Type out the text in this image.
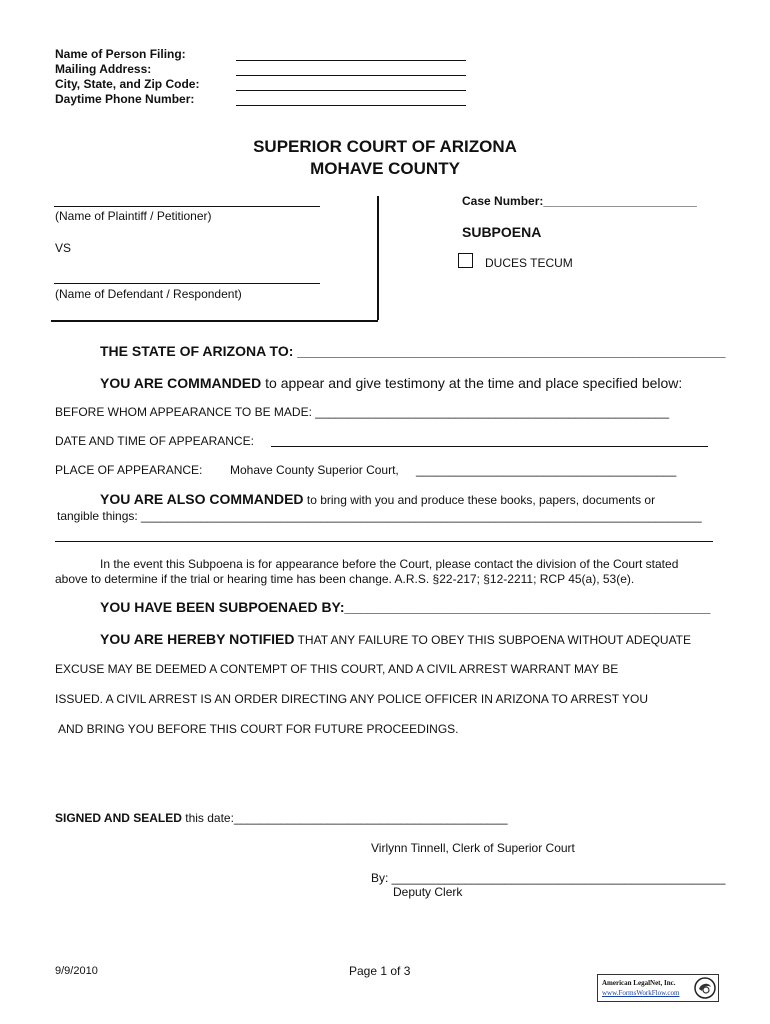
Name of Person Filing:
Mailing Address:
City, State, and Zip Code:
Daytime Phone Number:
SUPERIOR COURT OF ARIZONA
MOHAVE COUNTY
(Name of Plaintiff / Petitioner)
VS
(Name of Defendant / Respondent)
Case Number:_______________________
SUBPOENA
DUCES TECUM
THE STATE OF ARIZONA TO: _______________________________________________________
YOU ARE COMMANDED to appear and give testimony at the time and place specified below:
BEFORE WHOM APPEARANCE TO BE MADE: _____________________________________________________
DATE AND TIME OF APPEARANCE:
PLACE OF APPEARANCE: Mohave County Superior Court, _______________________________________
YOU ARE ALSO COMMANDED to bring with you and produce these books, papers, documents or
tangible things: ____________________________________________________________________________________
In the event this Subpoena is for appearance before the Court, please contact the division of the Court stated
above to determine if the trial or hearing time has been change. A.R.S. §22-217; §12-2211; RCP 45(a), 53(e).
YOU HAVE BEEN SUBPOENAED BY:_______________________________________________
YOU ARE HEREBY NOTIFIED THAT ANY FAILURE TO OBEY THIS SUBPOENA WITHOUT ADEQUATE
EXCUSE MAY BE DEEMED A CONTEMPT OF THIS COURT, AND A CIVIL ARREST WARRANT MAY BE
ISSUED. A CIVIL ARREST IS AN ORDER DIRECTING ANY POLICE OFFICER IN ARIZONA TO ARREST YOU
AND BRING YOU BEFORE THIS COURT FOR FUTURE PROCEEDINGS.
SIGNED AND SEALED this date:_________________________________________
Virlynn Tinnell, Clerk of Superior Court
By: __________________________________________________
Deputy Clerk
9/9/2010	Page 1 of 3
American LegalNet, Inc.
www.FormsWorkFlow.com
